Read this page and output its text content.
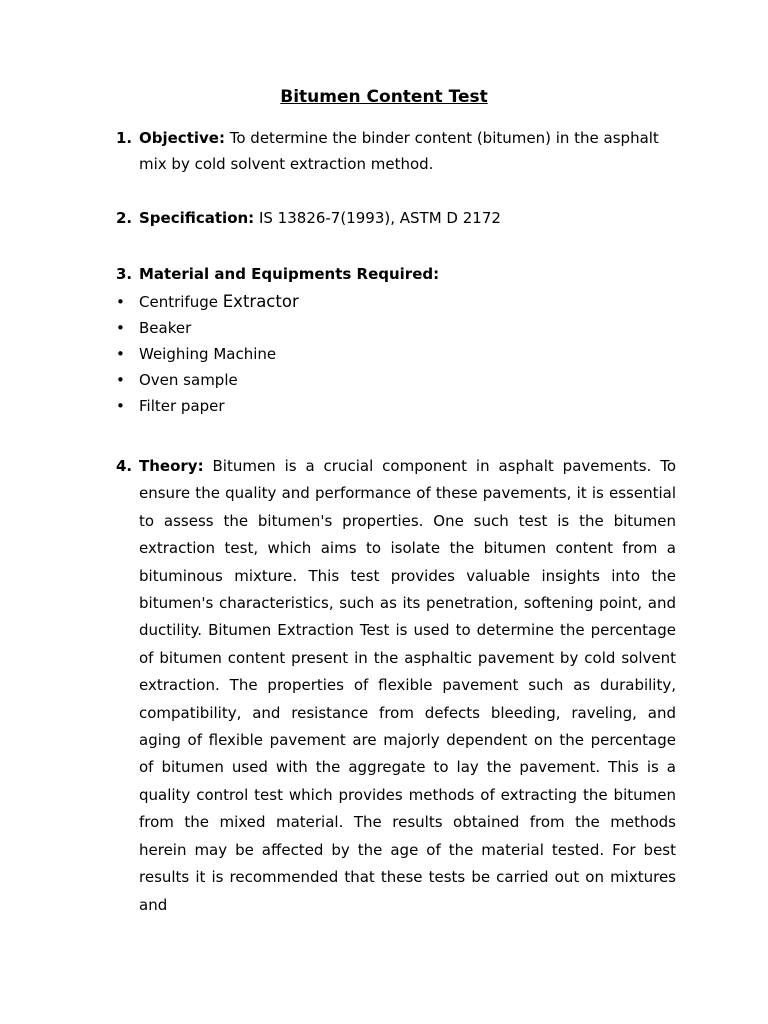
Bitumen Content Test
1. Objective: To determine the binder content (bitumen) in the asphalt mix by cold solvent extraction method.
2. Specification: IS 13826-7(1993), ASTM D 2172
3. Material and Equipments Required:
• Centrifuge Extractor
• Beaker
• Weighing Machine
• Oven sample
• Filter paper
4. Theory: Bitumen is a crucial component in asphalt pavements. To ensure the quality and performance of these pavements, it is essential to assess the bitumen's properties. One such test is the bitumen extraction test, which aims to isolate the bitumen content from a bituminous mixture. This test provides valuable insights into the bitumen's characteristics, such as its penetration, softening point, and ductility. Bitumen Extraction Test is used to determine the percentage of bitumen content present in the asphaltic pavement by cold solvent extraction. The properties of flexible pavement such as durability, compatibility, and resistance from defects bleeding, raveling, and aging of flexible pavement are majorly dependent on the percentage of bitumen used with the aggregate to lay the pavement. This is a quality control test which provides methods of extracting the bitumen from the mixed material. The results obtained from the methods herein may be affected by the age of the material tested. For best results it is recommended that these tests be carried out on mixtures and
